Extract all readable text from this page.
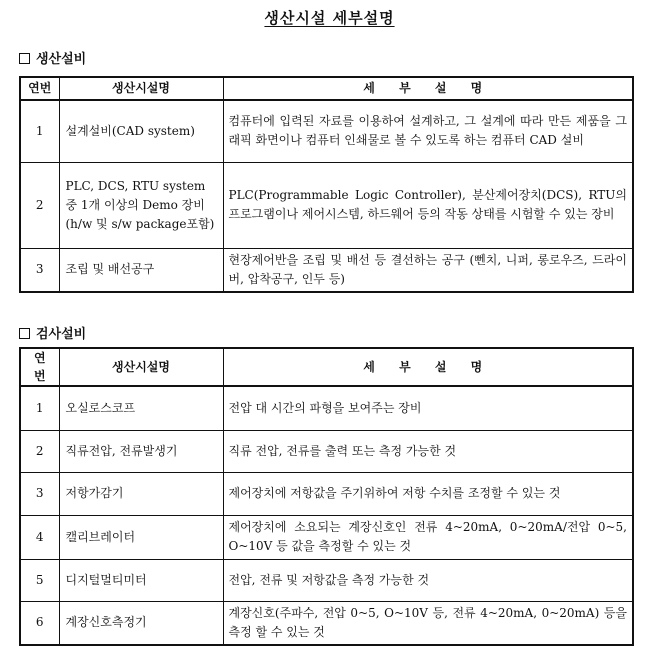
생산시설 세부설명
생산설비
연번	생산시설명	세 부 설 명
1	설계설비(CAD system)	컴퓨터에 입력된 자료를 이용하여 설계하고, 그 설계에 따라 만든 제품을 그래픽 화면이나 컴퓨터 인쇄물로 볼 수 있도록 하는 컴퓨터 CAD 설비
2	PLC, DCS, RTU system 중 1개 이상의 Demo 장비(h/w 및 s/w package포함)	PLC(Programmable Logic Controller), 분산제어장치(DCS), RTU의 프로그램이나 제어시스템, 하드웨어 등의 작동 상태를 시험할 수 있는 장비
3	조립 및 배선공구	현장제어반을 조립 및 배선 등 결선하는 공구 (뻰치, 니퍼, 롱로우즈, 드라이버, 압착공구, 인두 등)
검사설비
연번	생산시설명	세 부 설 명
1	오실로스코프	전압 대 시간의 파형을 보여주는 장비
2	직류전압, 전류발생기	직류 전압, 전류를 출력 또는 측정 가능한 것
3	저항가감기	제어장치에 저항값을 주기위하여 저항 수치를 조정할 수 있는 것
4	캘리브레이터	제어장치에 소요되는 계장신호인 전류 4~20mA, 0~20mA/전압 0~5, O~10V 등 값을 측정할 수 있는 것
5	디지털멀티미터	전압, 전류 및 저항값을 측정 가능한 것
6	계장신호측정기	계장신호(주파수, 전압 0~5, O~10V 등, 전류 4~20mA, 0~20mA) 등을 측정 할 수 있는 것
